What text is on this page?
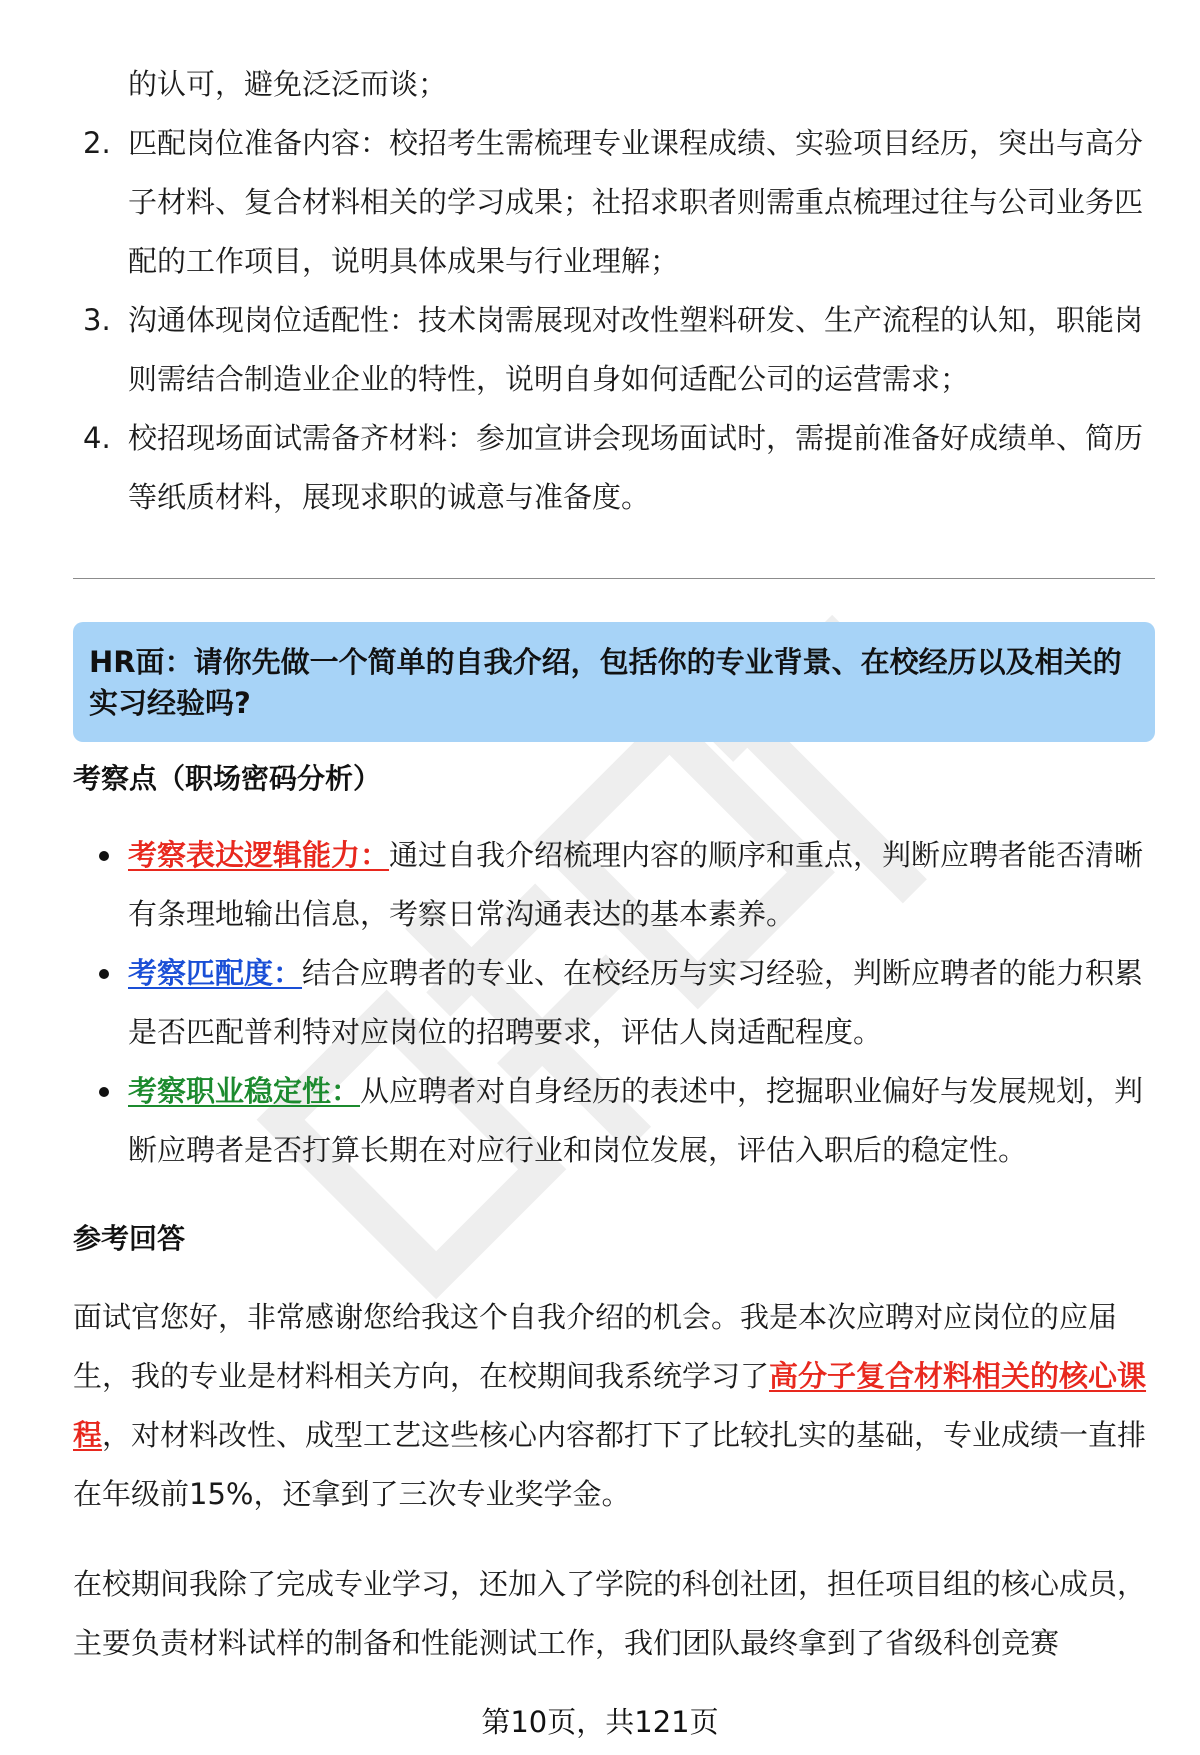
的认可，避免泛泛而谈；
2. 匹配岗位准备内容：校招考生需梳理专业课程成绩、实验项目经历，突出与高分子材料、复合材料相关的学习成果；社招求职者则需重点梳理过往与公司业务匹配的工作项目，说明具体成果与行业理解；
3. 沟通体现岗位适配性：技术岗需展现对改性塑料研发、生产流程的认知，职能岗则需结合制造业企业的特性，说明自身如何适配公司的运营需求；
4. 校招现场面试需备齐材料：参加宣讲会现场面试时，需提前准备好成绩单、简历等纸质材料，展现求职的诚意与准备度。
HR面：请你先做一个简单的自我介绍，包括你的专业背景、在校经历以及相关的实习经验吗?
考察点（职场密码分析）
考察表达逻辑能力：通过自我介绍梳理内容的顺序和重点，判断应聘者能否清晰有条理地输出信息，考察日常沟通表达的基本素养。
考察匹配度：结合应聘者的专业、在校经历与实习经验，判断应聘者的能力积累是否匹配普利特对应岗位的招聘要求，评估人岗适配程度。
考察职业稳定性：从应聘者对自身经历的表述中，挖掘职业偏好与发展规划，判断应聘者是否打算长期在对应行业和岗位发展，评估入职后的稳定性。
参考回答
面试官您好，非常感谢您给我这个自我介绍的机会。我是本次应聘对应岗位的应届生，我的专业是材料相关方向，在校期间我系统学习了高分子复合材料相关的核心课程，对材料改性、成型工艺这些核心内容都打下了比较扎实的基础，专业成绩一直排在年级前15%，还拿到了三次专业奖学金。
在校期间我除了完成专业学习，还加入了学院的科创社团，担任项目组的核心成员，主要负责材料试样的制备和性能测试工作，我们团队最终拿到了省级科创竞赛
第10页，共121页
